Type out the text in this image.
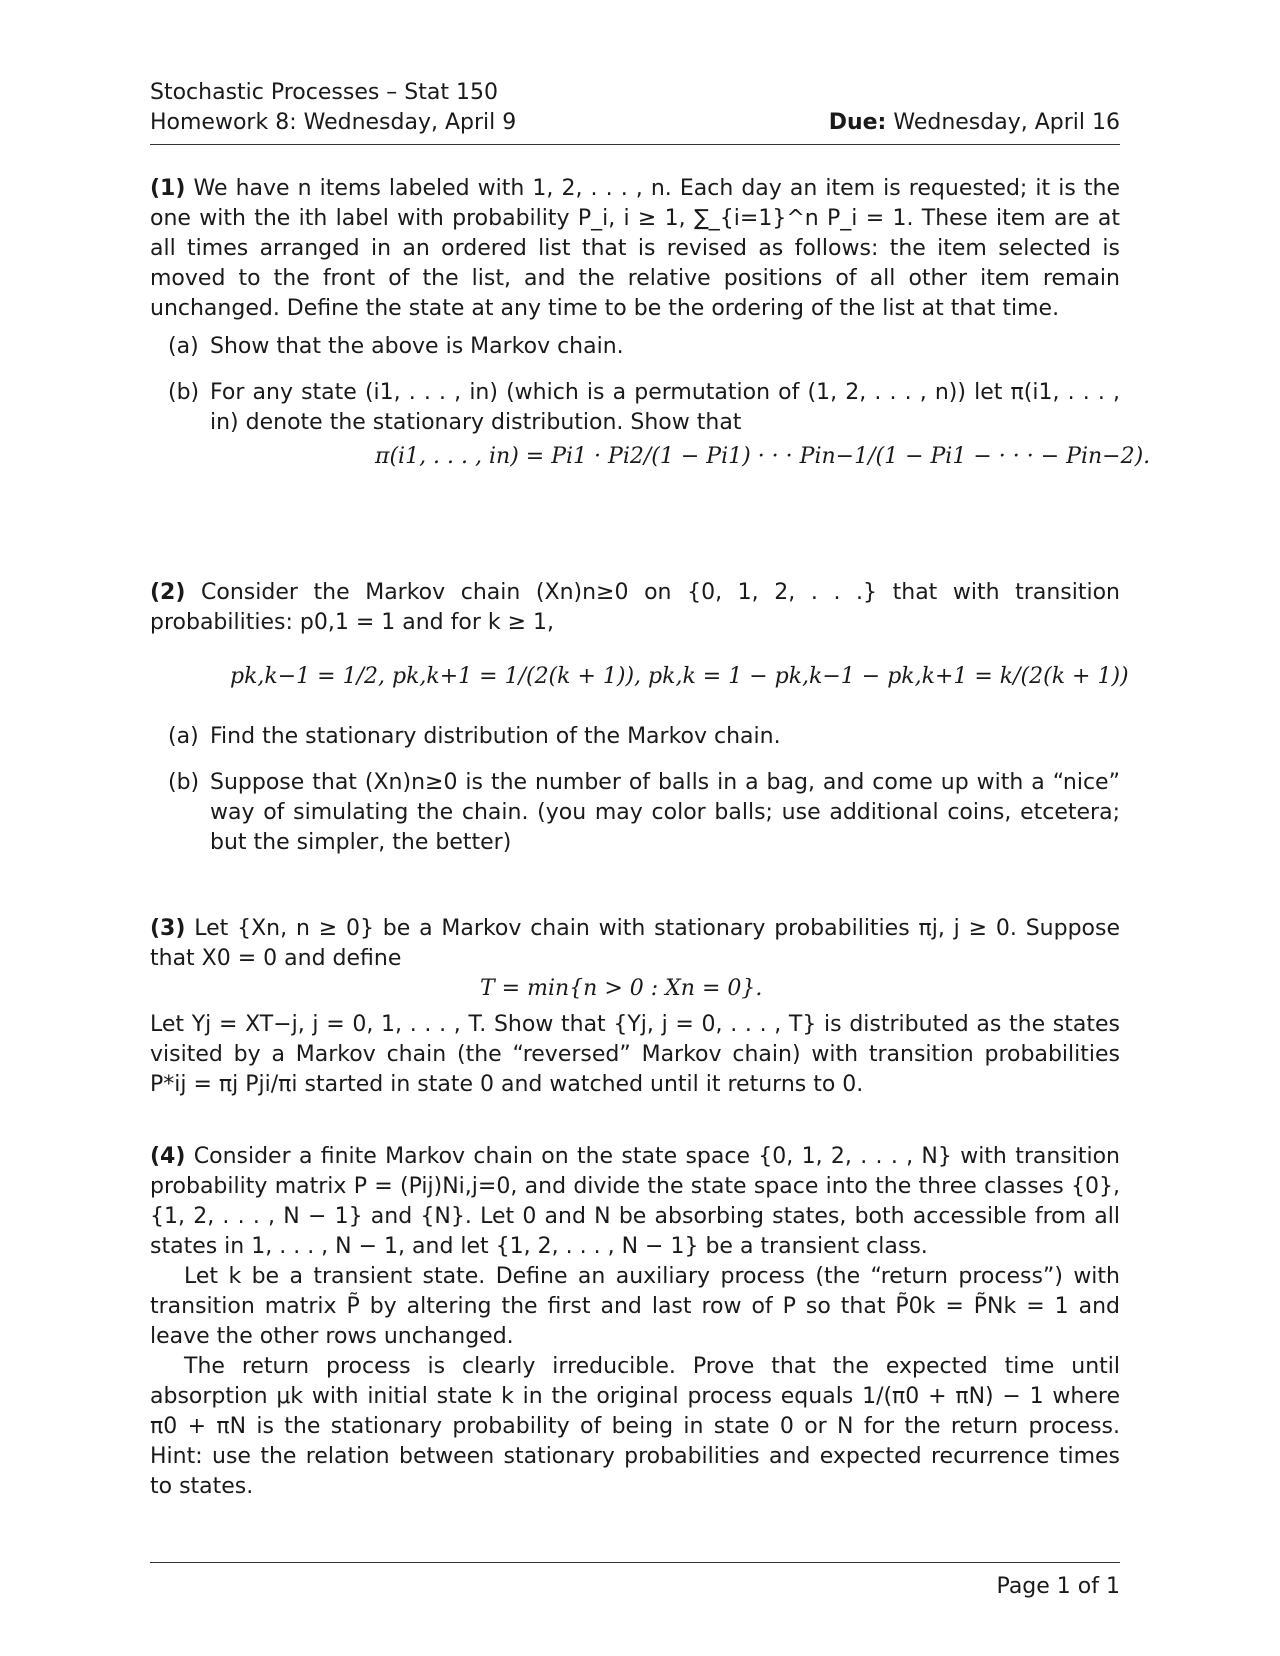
Stochastic Processes – Stat 150
Homework 8: Wednesday, April 9	Due: Wednesday, April 16

(1) We have n items labeled with 1, 2, . . . , n. Each day an item is requested; it is the one with the ith label with probability P_i, i ≥ 1, ∑_{i=1}^n P_i = 1. These item are at all times arranged in an ordered list that is revised as follows: the item selected is moved to the front of the list, and the relative positions of all other item remain unchanged. Define the state at any time to be the ordering of the list at that time.

(a) Show that the above is Markov chain.
(b) For any state (i1, . . . , in) (which is a permutation of (1, 2, . . . , n)) let π(i1, . . . , in) denote the stationary distribution. Show that
π(i1, . . . , in) = Pi1 · Pi2/(1 − Pi1) · · · Pin−1/(1 − Pi1 − · · · − Pin−2).

(2) Consider the Markov chain (Xn)n≥0 on {0, 1, 2, . . .} that with transition probabilities: p0,1 = 1 and for k ≥ 1,

pk,k−1 = 1/2, pk,k+1 = 1/(2(k + 1)), pk,k = 1 − pk,k−1 − pk,k+1 = k/(2(k + 1))
(a) Find the stationary distribution of the Markov chain.
(b) Suppose that (Xn)n≥0 is the number of balls in a bag, and come up with a “nice” way of simulating the chain. (you may color balls; use additional coins, etcetera; but the simpler, the better)

(3) Let {Xn, n ≥ 0} be a Markov chain with stationary probabilities πj, j ≥ 0. Suppose that X0 = 0 and define

T = min{n > 0 : Xn = 0}.

Let Yj = XT−j, j = 0, 1, . . . , T. Show that {Yj, j = 0, . . . , T} is distributed as the states visited by a Markov chain (the “reversed” Markov chain) with transition probabilities P*ij = πj Pji/πi started in state 0 and watched until it returns to 0.

(4) Consider a finite Markov chain on the state space {0, 1, 2, . . . , N} with transition probability matrix P = (Pij)Ni,j=0, and divide the state space into the three classes {0}, {1, 2, . . . , N − 1} and {N}. Let 0 and N be absorbing states, both accessible from all states in 1, . . . , N − 1, and let {1, 2, . . . , N − 1} be a transient class.

Let k be a transient state. Define an auxiliary process (the “return process”) with transition matrix P̃ by altering the first and last row of P so that P̃0k = P̃Nk = 1 and leave the other rows unchanged.

The return process is clearly irreducible. Prove that the expected time until absorption μk with initial state k in the original process equals 1/(π0 + πN) − 1 where π0 + πN is the stationary probability of being in state 0 or N for the return process. Hint: use the relation between stationary probabilities and expected recurrence times to states.

Page 1 of 1
